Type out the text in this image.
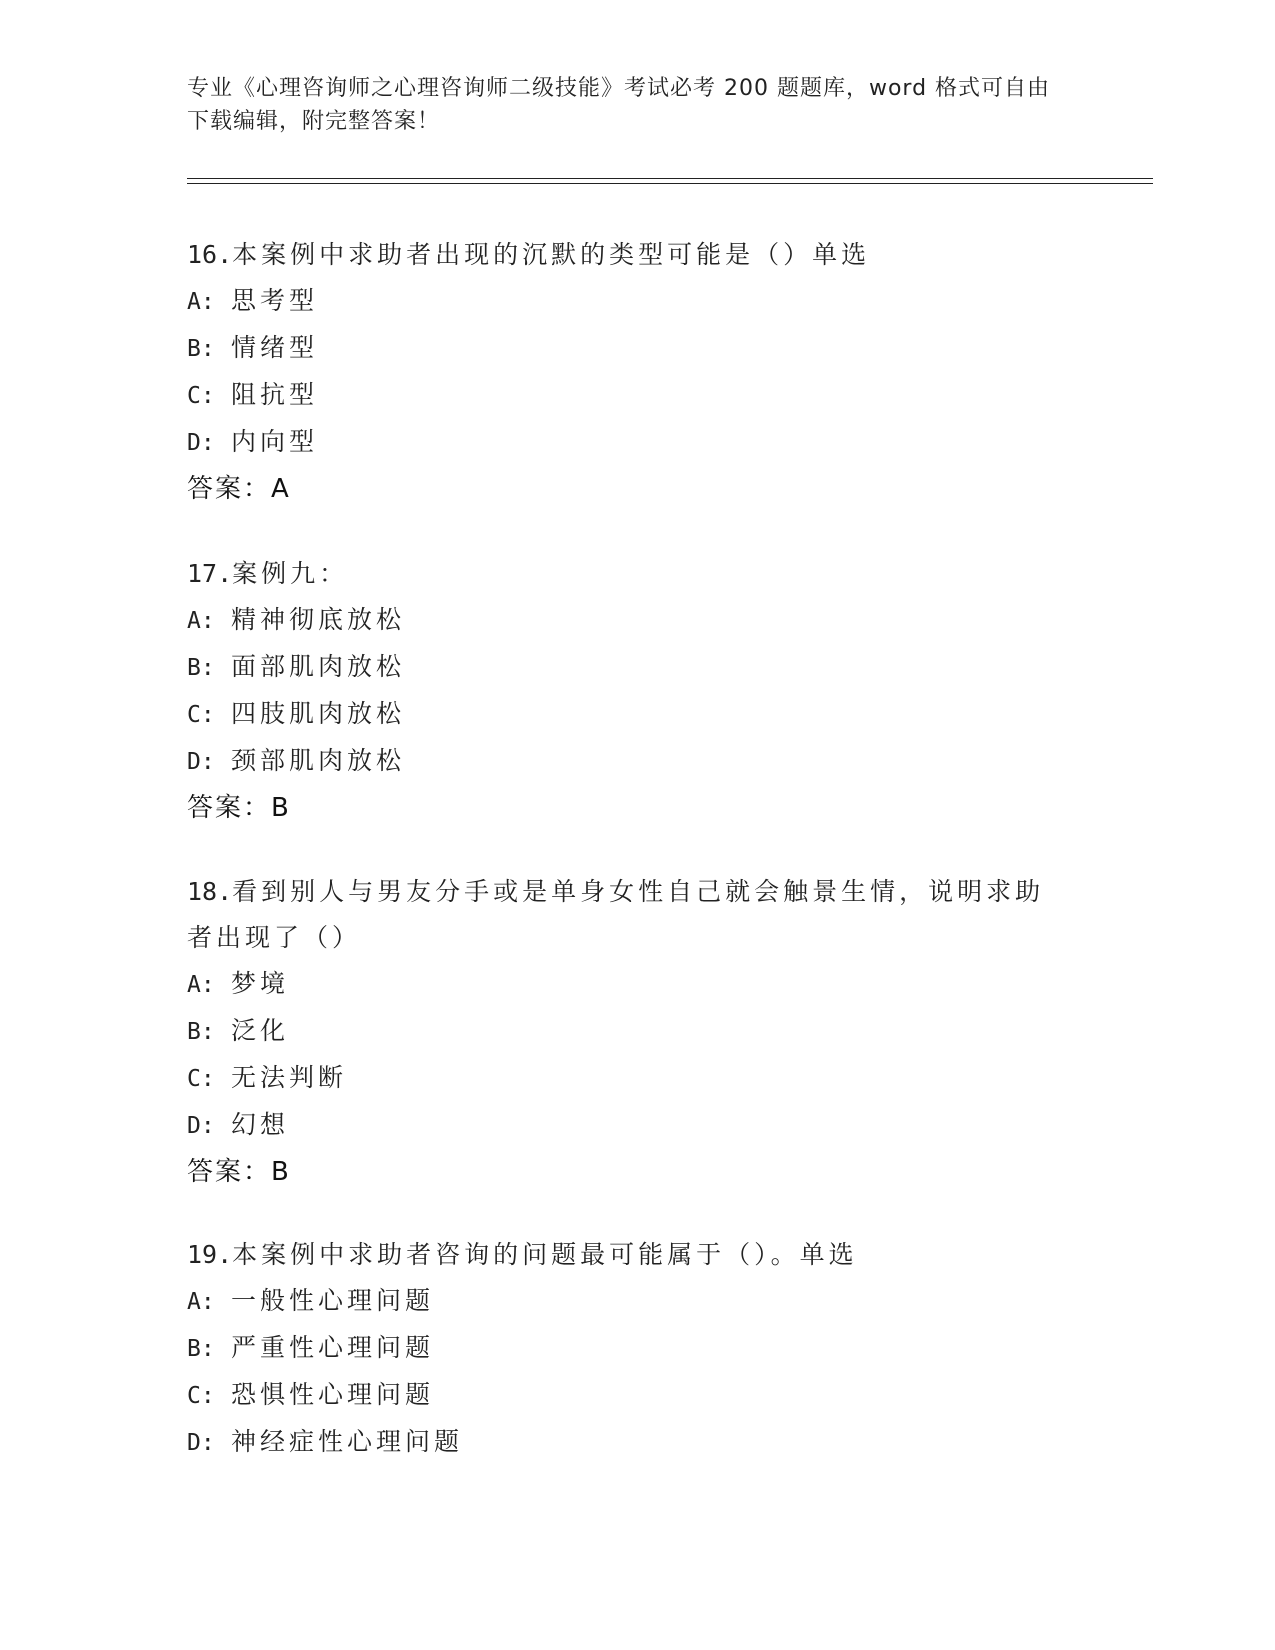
专业《心理咨询师之心理咨询师二级技能》考试必考 200 题题库，word 格式可自由下载编辑，附完整答案！

16.本案例中求助者出现的沉默的类型可能是（）单选

A: 思考型

B: 情绪型

C: 阻抗型

D: 内向型

答案：A

17.案例九：

A: 精神彻底放松

B: 面部肌肉放松

C: 四肢肌肉放松

D: 颈部肌肉放松

答案：B

18.看到别人与男友分手或是单身女性自己就会触景生情，说明求助者出现了（）

A: 梦境

B: 泛化

C: 无法判断

D: 幻想

答案：B

19.本案例中求助者咨询的问题最可能属于（）。单选

A: 一般性心理问题

B: 严重性心理问题

C: 恐惧性心理问题

D: 神经症性心理问题
